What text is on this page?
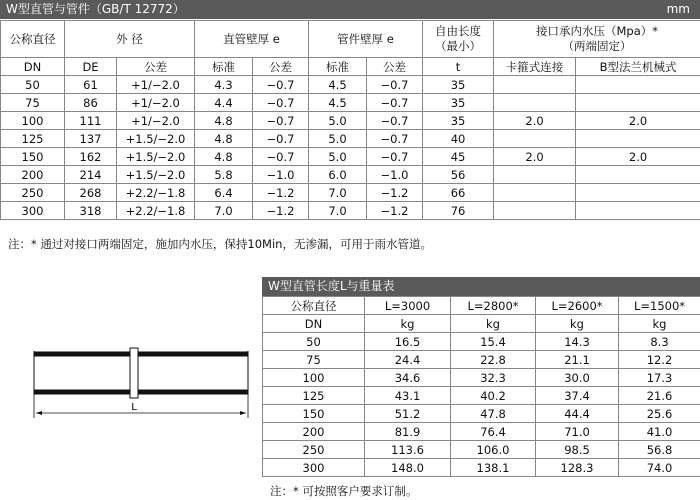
W型直管与管件（GB/T 12772）	mm
公称直径	外 径		直管壁厚 e		管件壁厚 e		自由长度
（最小）	接口承内水压（Mpa）*
（两端固定）	
DN	DE	公差	标准	公差	标准	公差	t	卡箍式连接	B型法兰机械式
50	61	+1/−2.0	4.3	−0.7	4.5	−0.7	35		
75	86	+1/−2.0	4.4	−0.7	4.5	−0.7	35		
100	111	+1/−2.0	4.8	−0.7	5.0	−0.7	35	2.0	2.0
125	137	+1.5/−2.0	4.8	−0.7	5.0	−0.7	40		
150	162	+1.5/−2.0	4.8	−0.7	5.0	−0.7	45	2.0	2.0
200	214	+1.5/−2.0	5.8	−1.0	6.0	−1.0	56		
250	268	+2.2/−1.8	6.4	−1.2	7.0	−1.2	66		
300	318	+2.2/−1.8	7.0	−1.2	7.0	−1.2	76		
注：* 通过对接口两端固定，施加内水压，保持10Min，无渗漏，可用于雨水管道。
L
W型直管长度L与重量表
公称直径	L=3000	L=2800*	L=2600*	L=1500*
DN	kg	kg	kg	kg
50	16.5	15.4	14.3	8.3
75	24.4	22.8	21.1	12.2
100	34.6	32.3	30.0	17.3
125	43.1	40.2	37.4	21.6
150	51.2	47.8	44.4	25.6
200	81.9	76.4	71.0	41.0
250	113.6	106.0	98.5	56.8
300	148.0	138.1	128.3	74.0
注：* 可按照客户要求订制。
